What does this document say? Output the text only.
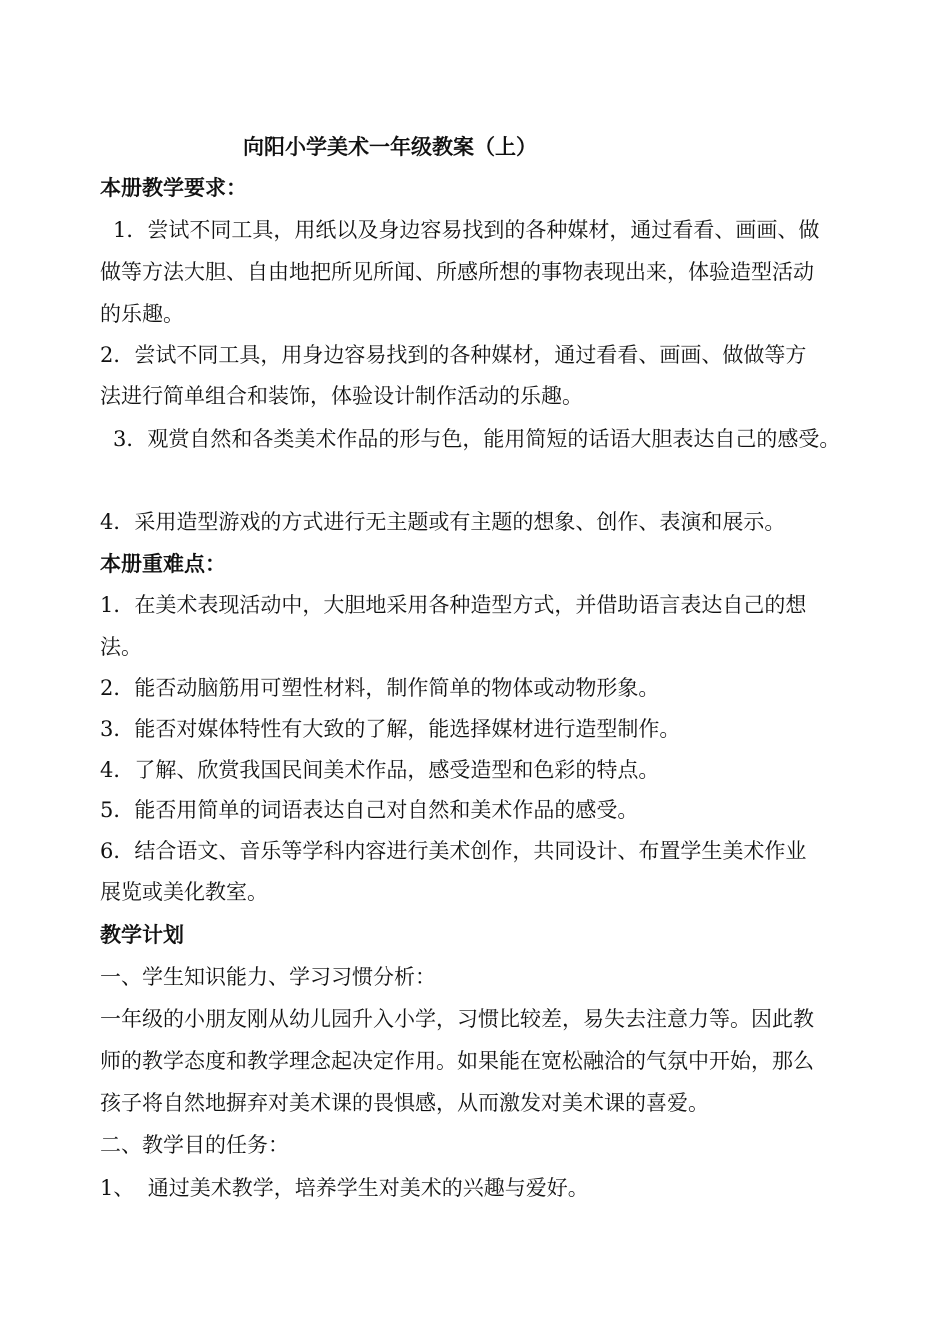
向阳小学美术一年级教案（上）

本册教学要求：

1．尝试不同工具，用纸以及身边容易找到的各种媒材，通过看看、画画、做

做等方法大胆、自由地把所见所闻、所感所想的事物表现出来，体验造型活动

的乐趣。

2．尝试不同工具，用身边容易找到的各种媒材，通过看看、画画、做做等方

法进行简单组合和装饰，体验设计制作活动的乐趣。

3．观赏自然和各类美术作品的形与色，能用简短的话语大胆表达自己的感受。

4．采用造型游戏的方式进行无主题或有主题的想象、创作、表演和展示。

本册重难点：

1．在美术表现活动中，大胆地采用各种造型方式，并借助语言表达自己的想

法。

2．能否动脑筋用可塑性材料，制作简单的物体或动物形象。

3．能否对媒体特性有大致的了解，能选择媒材进行造型制作。

4．了解、欣赏我国民间美术作品，感受造型和色彩的特点。

5．能否用简单的词语表达自己对自然和美术作品的感受。

6．结合语文、音乐等学科内容进行美术创作，共同设计、布置学生美术作业

展览或美化教室。

教学计划

一、学生知识能力、学习习惯分析：

一年级的小朋友刚从幼儿园升入小学，习惯比较差，易失去注意力等。因此教

师的教学态度和教学理念起决定作用。如果能在宽松融洽的气氛中开始，那么

孩子将自然地摒弃对美术课的畏惧感，从而激发对美术课的喜爱。

二、教学目的任务：

1、  通过美术教学，培养学生对美术的兴趣与爱好。
